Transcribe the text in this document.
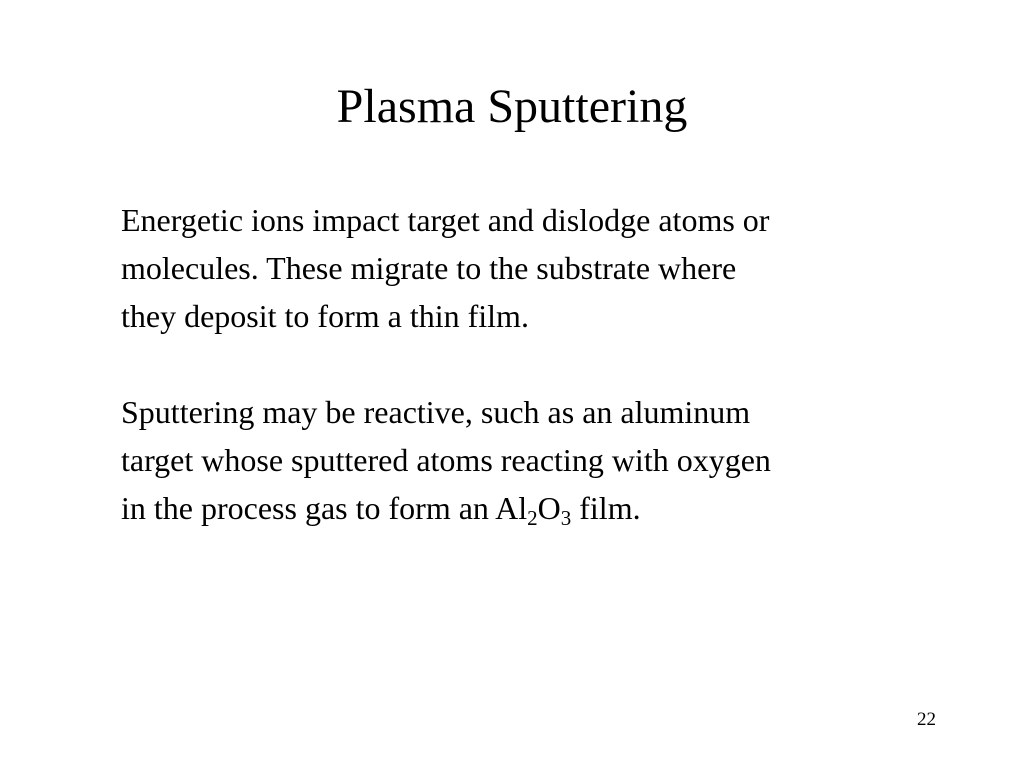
Plasma Sputtering

Energetic ions impact target and dislodge atoms or
molecules. These migrate to the substrate where
they deposit to form a thin film.

Sputtering may be reactive, such as an aluminum
target whose sputtered atoms reacting with oxygen
in the process gas to form an $Al_2O_3$ film.

22
